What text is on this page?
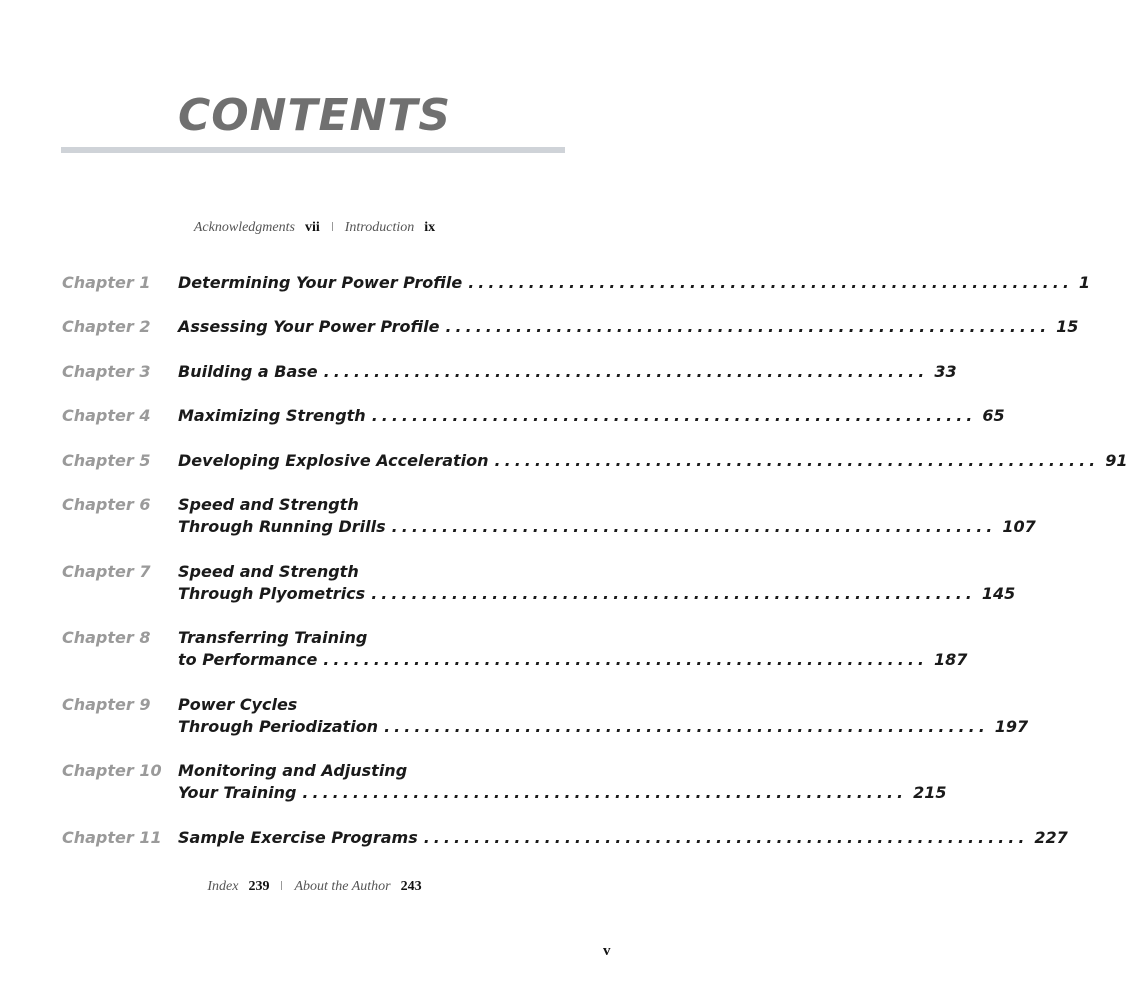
CONTENTS
Acknowledgments vii Introduction ix
Chapter 1	Determining Your Power Profile ............................................................ 1
Chapter 2	Assessing Your Power Profile ............................................................ 15
Chapter 3	Building a Base ............................................................ 33
Chapter 4	Maximizing Strength ............................................................ 65
Chapter 5	Developing Explosive Acceleration ............................................................ 91
Chapter 6	Speed and Strength
Through Running Drills ............................................................ 107
Chapter 7	Speed and Strength
Through Plyometrics ............................................................ 145
Chapter 8	Transferring Training
to Performance ............................................................ 187
Chapter 9	Power Cycles
Through Periodization ............................................................ 197
Chapter 10	Monitoring and Adjusting
Your Training ............................................................ 215
Chapter 11	Sample Exercise Programs ............................................................ 227
Index 239 About the Author 243
v
